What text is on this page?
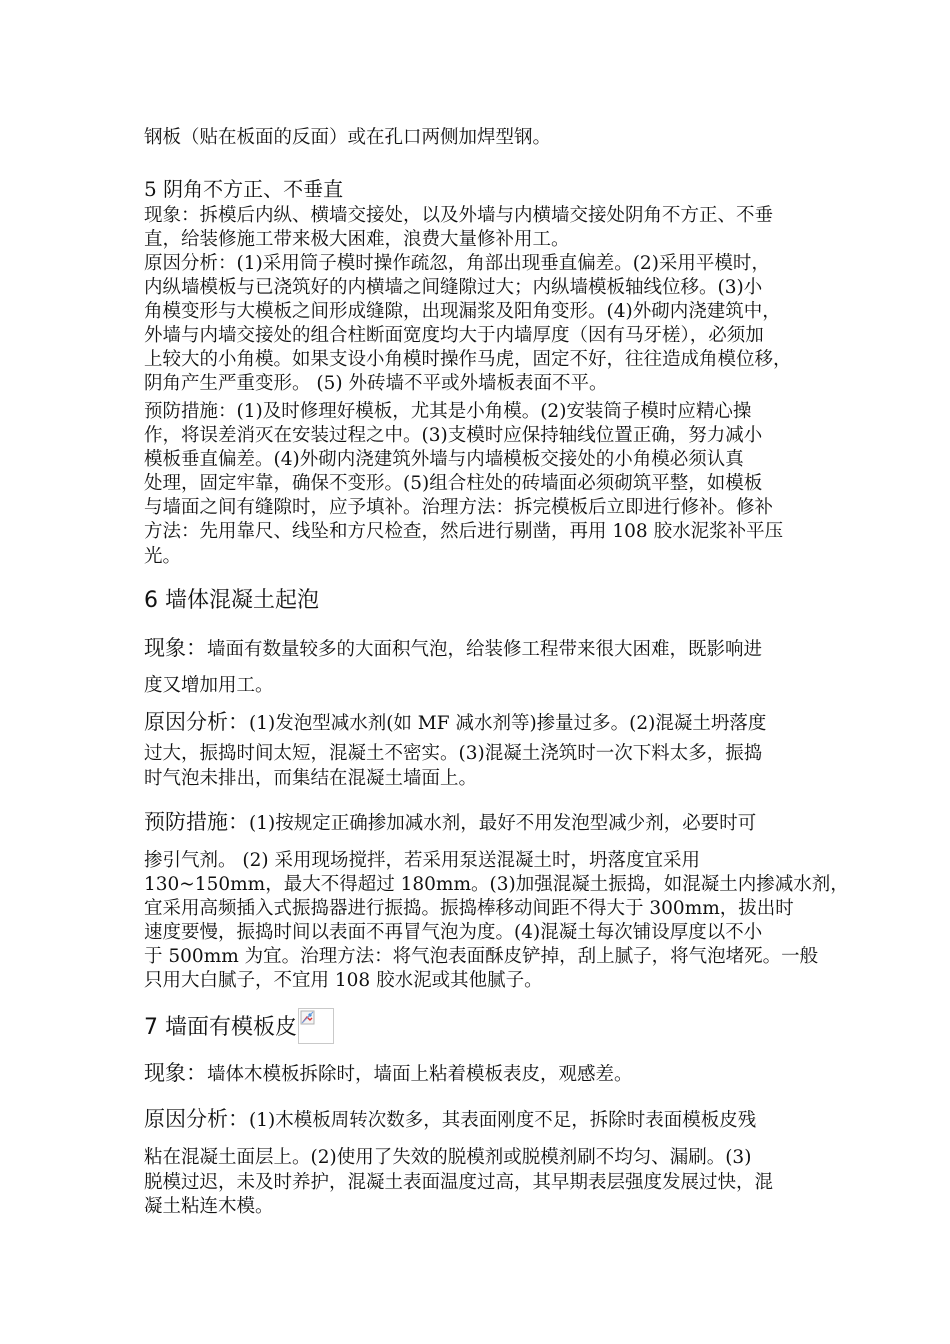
钢板（贴在板面的反面）或在孔口两侧加焊型钢。
5 阴角不方正、不垂直
现象：拆模后内纵、横墙交接处，以及外墙与内横墙交接处阴角不方正、不垂
直，给装修施工带来极大困难，浪费大量修补用工。
原因分析：(1)采用筒子模时操作疏忽，角部出现垂直偏差。(2)采用平模时，
内纵墙模板与已浇筑好的内横墙之间缝隙过大；内纵墙模板轴线位移。(3)小
角模变形与大模板之间形成缝隙，出现漏浆及阳角变形。(4)外砌内浇建筑中，
外墙与内墙交接处的组合柱断面宽度均大于内墙厚度（因有马牙槎），必须加
上较大的小角模。如果支设小角模时操作马虎，固定不好，往往造成角模位移，
阴角产生严重变形。 (5) 外砖墙不平或外墙板表面不平。
预防措施：(1)及时修理好模板，尤其是小角模。(2)安装筒子模时应精心操
作，将误差消灭在安装过程之中。(3)支模时应保持轴线位置正确，努力减小
模板垂直偏差。(4)外砌内浇建筑外墙与内墙模板交接处的小角模必须认真
处理，固定牢靠，确保不变形。(5)组合柱处的砖墙面必须砌筑平整，如模板
与墙面之间有缝隙时，应予填补。治理方法：拆完模板后立即进行修补。修补
方法：先用靠尺、线坠和方尺检查，然后进行剔凿，再用 108 胶水泥浆补平压
光。
6 墙体混凝土起泡
现象：墙面有数量较多的大面积气泡，给装修工程带来很大困难，既影响进
度又增加用工。
原因分析：(1)发泡型减水剂(如 MF 减水剂等)掺量过多。(2)混凝土坍落度
过大，振捣时间太短，混凝土不密实。(3)混凝土浇筑时一次下料太多，振捣
时气泡未排出，而集结在混凝土墙面上。
预防措施：(1)按规定正确掺加减水剂，最好不用发泡型减少剂，必要时可
掺引气剂。 (2) 采用现场搅拌，若采用泵送混凝土时，坍落度宜采用
130~150mm，最大不得超过 180mm。(3)加强混凝土振捣，如混凝土内掺减水剂，
宜采用高频插入式振捣器进行振捣。振捣棒移动间距不得大于 300mm，拔出时
速度要慢，振捣时间以表面不再冒气泡为度。(4)混凝土每次铺设厚度以不小
于 500mm 为宜。治理方法：将气泡表面酥皮铲掉，刮上腻子，将气泡堵死。一般
只用大白腻子，不宜用 108 胶水泥或其他腻子。
7 墙面有模板皮
现象：墙体木模板拆除时，墙面上粘着模板表皮，观感差。
原因分析：(1)木模板周转次数多，其表面刚度不足，拆除时表面模板皮残
粘在混凝土面层上。(2)使用了失效的脱模剂或脱模剂刷不均匀、漏刷。(3)
脱模过迟，未及时养护，混凝土表面温度过高，其早期表层强度发展过快，混
凝土粘连木模。
